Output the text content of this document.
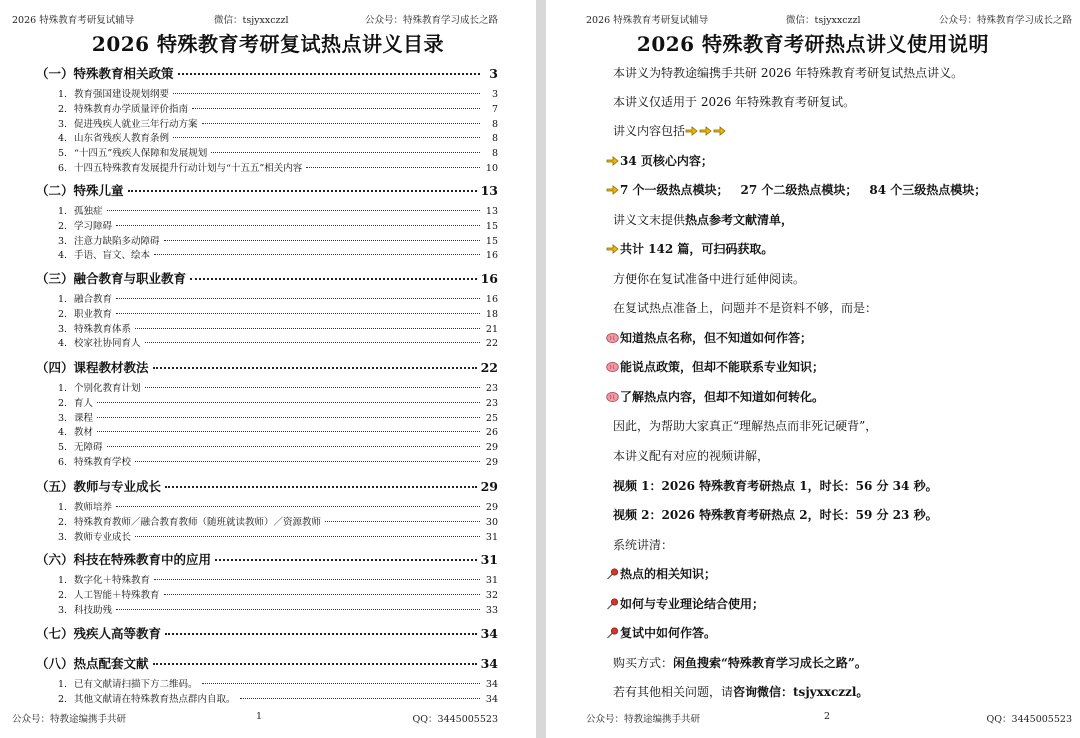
2026 特殊教育考研复试辅导	微信：tsjyxxczzl	公众号：特殊教育学习成长之路
2026 特殊教育考研复试热点讲义目录
（一）特殊教育相关政策	3
1. 教育强国建设规划纲要	3
2. 特殊教育办学质量评价指南	7
3. 促进残疾人就业三年行动方案	8
4. 山东省残疾人教育条例	8
5. “十四五”残疾人保障和发展规划	8
6. 十四五特殊教育发展提升行动计划与“十五五”相关内容	10
（二）特殊儿童	13
1. 孤独症	13
2. 学习障碍	15
3. 注意力缺陷多动障碍	15
4. 手语、盲文、绘本	16
（三）融合教育与职业教育	16
1. 融合教育	16
2. 职业教育	18
3. 特殊教育体系	21
4. 校家社协同育人	22
（四）课程教材教法	22
1. 个别化教育计划	23
2. 育人	23
3. 课程	25
4. 教材	26
5. 无障碍	29
6. 特殊教育学校	29
（五）教师与专业成长	29
1. 教师培养	29
2. 特殊教育教师／融合教育教师（随班就读教师）／资源教师	30
3. 教师专业成长	31
（六）科技在特殊教育中的应用	31
1. 数字化＋特殊教育	31
2. 人工智能＋特殊教育	32
3. 科技助残	33
（七）残疾人高等教育	34
（八）热点配套文献	34
1. 已有文献请扫描下方二维码。	34
2. 其他文献请在特殊教育热点群内自取。	34
公众号：特教途编携手共研	1	QQ：3445005523
2026 特殊教育考研复试辅导	微信：tsjyxxczzl	公众号：特殊教育学习成长之路
2026 特殊教育考研热点讲义使用说明
本讲义为特教途编携手共研 2026 年特殊教育考研复试热点讲义。
本讲义仅适用于 2026 年特殊教育考研复试。
讲义内容包括
34 页核心内容；
7 个一级热点模块； 27 个二级热点模块； 84 个三级热点模块；
讲义文末提供 热点参考文献清单，
共计 142 篇，可扫码获取。
方便你在复试准备中进行延伸阅读。
在复试热点准备上，问题并不是资料不够，而是：
知道热点名称，但不知道如何作答；
能说点政策，但却不能联系专业知识；
了解热点内容，但却不知道如何转化。
因此，为帮助大家真正“理解热点而非死记硬背”，
本讲义配有对应的视频讲解，
视频 1：2026 特殊教育考研热点 1，时长：56 分 34 秒。
视频 2：2026 特殊教育考研热点 2，时长：59 分 23 秒。
系统讲清：
热点的相关知识；
如何与专业理论结合使用；
复试中如何作答。
购买方式： 闲鱼搜索“特殊教育学习成长之路”。
若有其他相关问题，请 咨询微信：tsjyxxczzl。
公众号：特教途编携手共研	2	QQ：3445005523
